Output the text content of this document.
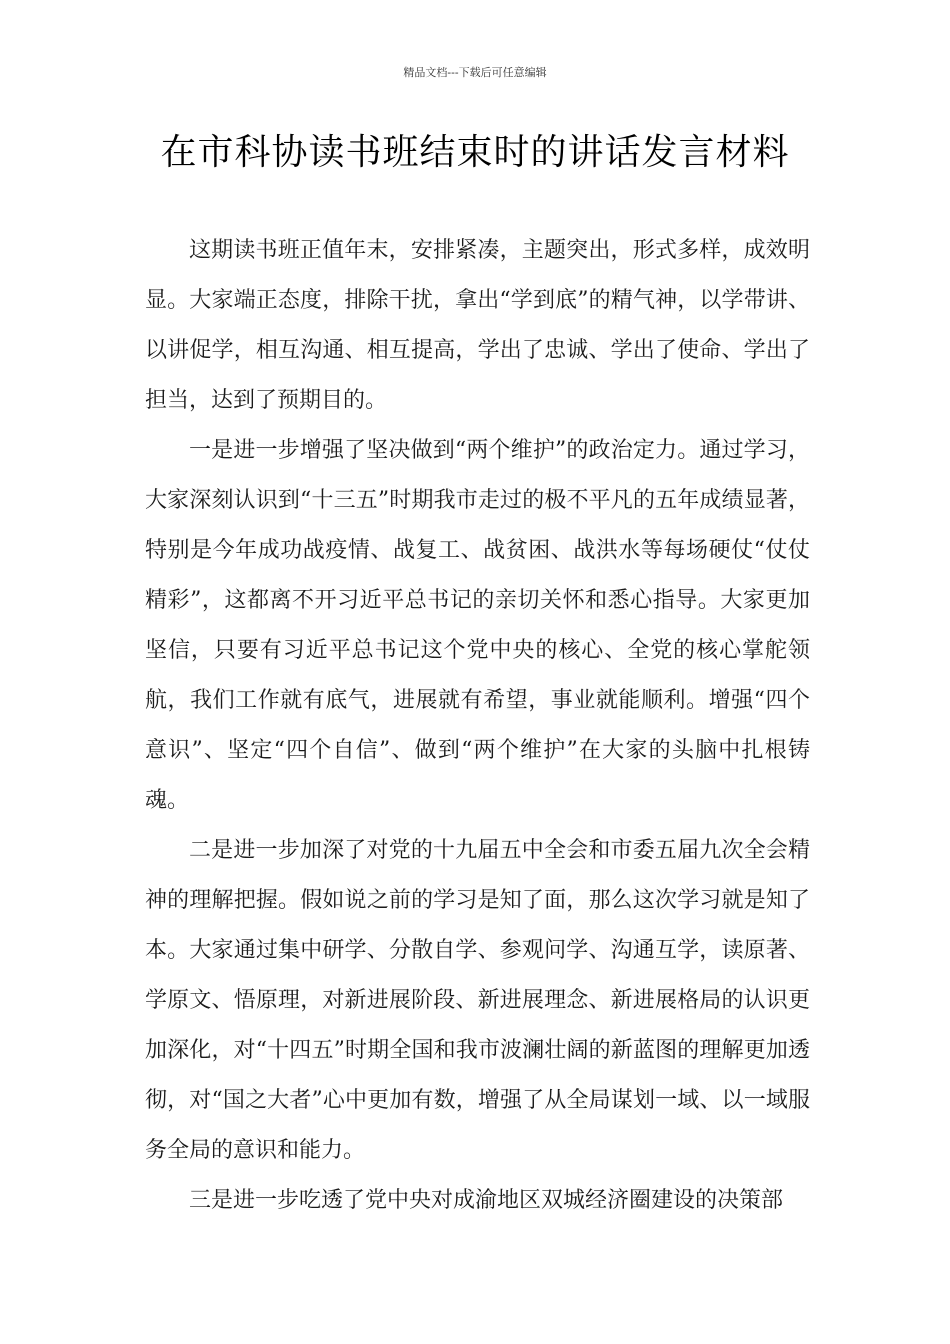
精品文档---下载后可任意编辑
在市科协读书班结束时的讲话发言材料

这期读书班正值年末，安排紧凑，主题突出，形式多样，成效明显。大家端正态度，排除干扰，拿出“学到底”的精气神，以学带讲、以讲促学，相互沟通、相互提高，学出了忠诚、学出了使命、学出了担当，达到了预期目的。

一是进一步增强了坚决做到“两个维护”的政治定力。通过学习，大家深刻认识到“十三五”时期我市走过的极不平凡的五年成绩显著，特别是今年成功战疫情、战复工、战贫困、战洪水等每场硬仗“仗仗精彩”，这都离不开习近平总书记的亲切关怀和悉心指导。大家更加坚信，只要有习近平总书记这个党中央的核心、全党的核心掌舵领航，我们工作就有底气，进展就有希望，事业就能顺利。增强“四个意识”、坚定“四个自信”、做到“两个维护”在大家的头脑中扎根铸魂。

二是进一步加深了对党的十九届五中全会和市委五届九次全会精神的理解把握。假如说之前的学习是知了面，那么这次学习就是知了本。大家通过集中研学、分散自学、参观问学、沟通互学，读原著、学原文、悟原理，对新进展阶段、新进展理念、新进展格局的认识更加深化，对“十四五”时期全国和我市波澜壮阔的新蓝图的理解更加透彻，对“国之大者”心中更加有数，增强了从全局谋划一域、以一域服务全局的意识和能力。

三是进一步吃透了党中央对成渝地区双城经济圈建设的决策部
